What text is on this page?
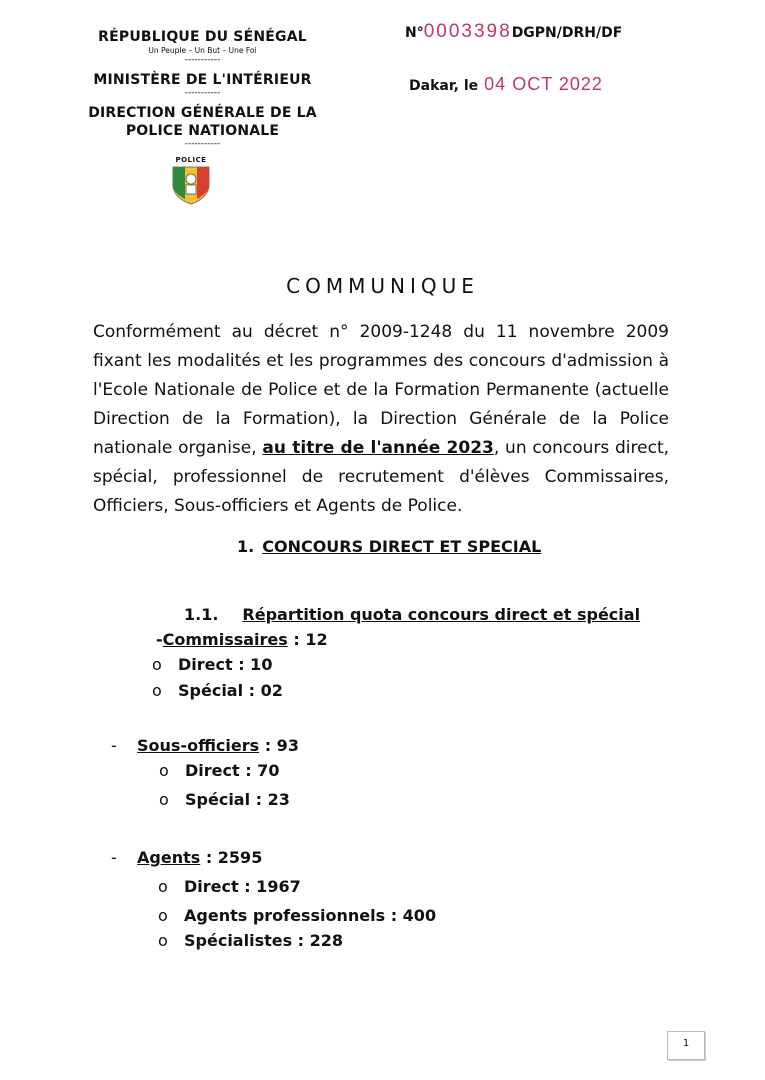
RÉPUBLIQUE DU SÉNÉGAL
Un Peuple – Un But – Une Foi
-----------
MINISTÈRE DE L'INTÉRIEUR
-----------
DIRECTION GÉNÉRALE DE LA
POLICE NATIONALE
-----------
POLICE
N°0003398DGPN/DRH/DF
Dakar, le 04 OCT 2022
COMMUNIQUE
Conformément au décret n° 2009-1248 du 11 novembre 2009 fixant les modalités et les programmes des concours d'admission à l'Ecole Nationale de Police et de la Formation Permanente (actuelle Direction de la Formation), la Direction Générale de la Police nationale organise, au titre de l'année 2023, un concours direct, spécial, professionnel de recrutement d'élèves Commissaires, Officiers, Sous-officiers et Agents de Police.
1. CONCOURS DIRECT ET SPECIAL
1.1. Répartition quota concours direct et spécial
-Commissaires : 12
o Direct : 10
o Spécial : 02
- Sous-officiers : 93
o Direct : 70
o Spécial : 23
- Agents : 2595
o Direct : 1967
o Agents professionnels : 400
o Spécialistes : 228
1
